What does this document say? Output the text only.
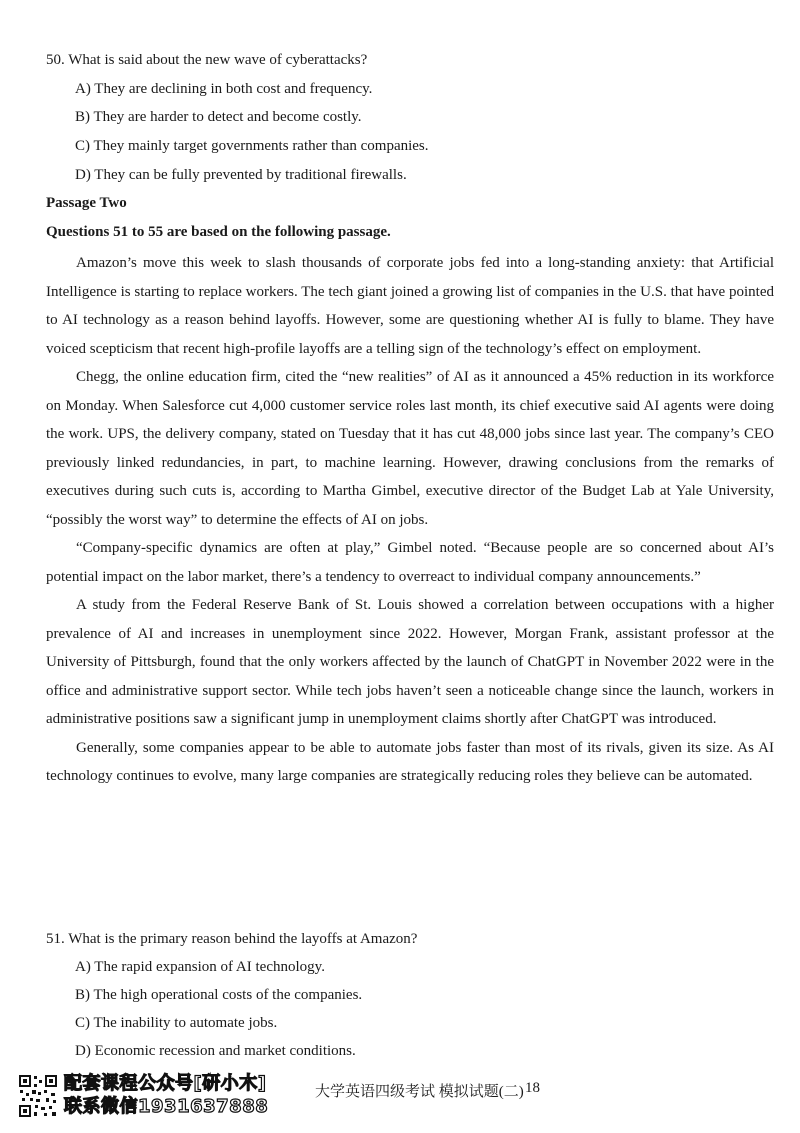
50. What is said about the new wave of cyberattacks?
A) They are declining in both cost and frequency.
B) They are harder to detect and become costly.
C) They mainly target governments rather than companies.
D) They can be fully prevented by traditional firewalls.
Passage Two
Questions 51 to 55 are based on the following passage.

Amazon’s move this week to slash thousands of corporate jobs fed into a long-standing anxiety: that Artificial Intelligence is starting to replace workers. The tech giant joined a growing list of companies in the U.S. that have pointed to AI technology as a reason behind layoffs. However, some are questioning whether AI is fully to blame. They have voiced scepticism that recent high-profile layoffs are a telling sign of the technology’s effect on employment.

Chegg, the online education firm, cited the “new realities” of AI as it announced a 45% reduction in its workforce on Monday. When Salesforce cut 4,000 customer service roles last month, its chief executive said AI agents were doing the work. UPS, the delivery company, stated on Tuesday that it has cut 48,000 jobs since last year. The company’s CEO previously linked redundancies, in part, to machine learning. However, drawing conclusions from the remarks of executives during such cuts is, according to Martha Gimbel, executive director of the Budget Lab at Yale University, “possibly the worst way” to determine the effects of AI on jobs.

“Company-specific dynamics are often at play,” Gimbel noted. “Because people are so concerned about AI’s potential impact on the labor market, there’s a tendency to overreact to individual company announcements.”

A study from the Federal Reserve Bank of St. Louis showed a correlation between occupations with a higher prevalence of AI and increases in unemployment since 2022. However, Morgan Frank, assistant professor at the University of Pittsburgh, found that the only workers affected by the launch of ChatGPT in November 2022 were in the office and administrative support sector. While tech jobs haven’t seen a noticeable change since the launch, workers in administrative positions saw a significant jump in unemployment claims shortly after ChatGPT was introduced.

Generally, some companies appear to be able to automate jobs faster than most of its rivals, given its size. As AI technology continues to evolve, many large companies are strategically reducing roles they believe can be automated.

51. What is the primary reason behind the layoffs at Amazon?
A) The rapid expansion of AI technology.
B) The high operational costs of the companies.
C) The inability to automate jobs.
D) Economic recession and market conditions.
配套课程公众号[研小木]
联系微信1931637888
大学英语四级考试 模拟试题(二) 18
